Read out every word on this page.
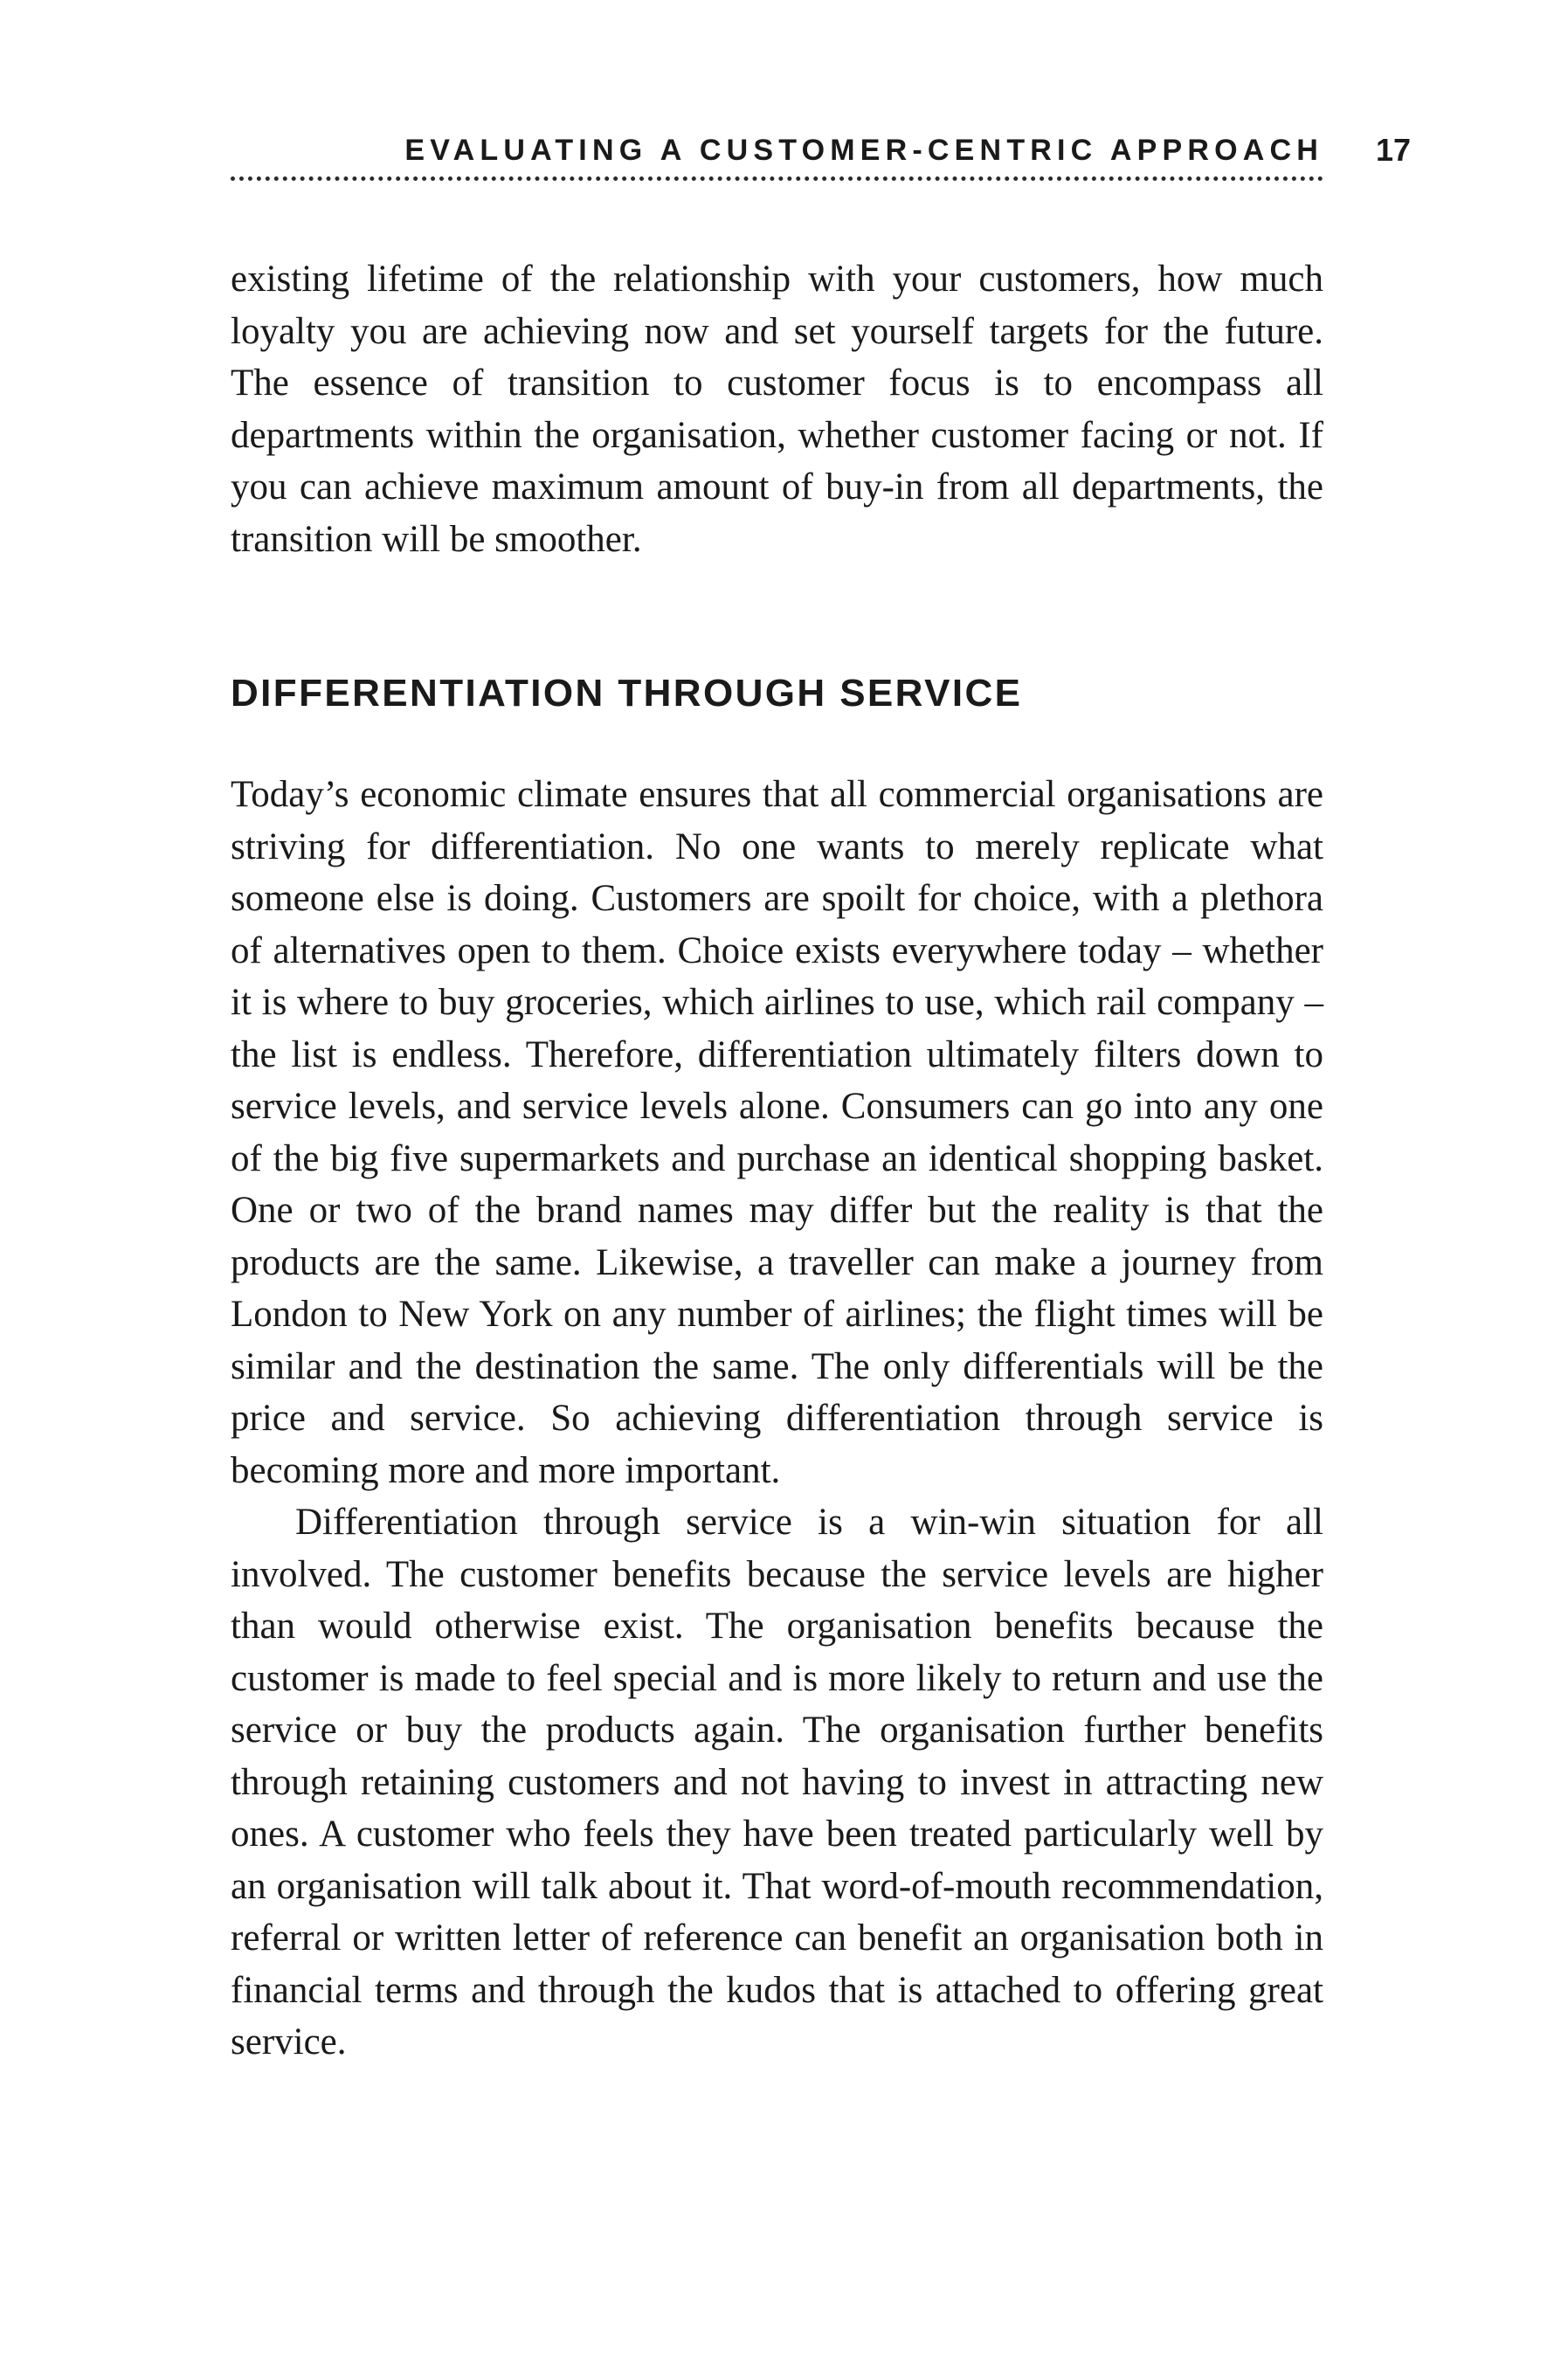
EVALUATING A CUSTOMER-CENTRIC APPROACH 17

existing lifetime of the relationship with your customers, how much loyalty you are achieving now and set yourself targets for the future. The essence of transition to customer focus is to encompass all departments within the organisation, whether customer facing or not. If you can achieve maximum amount of buy-in from all departments, the transition will be smoother.

DIFFERENTIATION THROUGH SERVICE

Today’s economic climate ensures that all commercial organisations are striving for differentiation. No one wants to merely replicate what someone else is doing. Customers are spoilt for choice, with a plethora of alternatives open to them. Choice exists everywhere today – whether it is where to buy groceries, which airlines to use, which rail company – the list is endless. Therefore, differentiation ultimately filters down to service levels, and service levels alone. Consumers can go into any one of the big five supermarkets and purchase an identical shopping basket. One or two of the brand names may differ but the reality is that the products are the same. Likewise, a traveller can make a journey from London to New York on any number of airlines; the flight times will be similar and the destination the same. The only differentials will be the price and service. So achieving differentiation through service is becoming more and more important.

Differentiation through service is a win-win situation for all involved. The customer benefits because the service levels are higher than would otherwise exist. The organisation benefits because the customer is made to feel special and is more likely to return and use the service or buy the products again. The organisation further benefits through retaining customers and not having to invest in attracting new ones. A customer who feels they have been treated particularly well by an organisation will talk about it. That word-of-mouth recommendation, referral or written letter of reference can benefit an organisation both in financial terms and through the kudos that is attached to offering great service.
